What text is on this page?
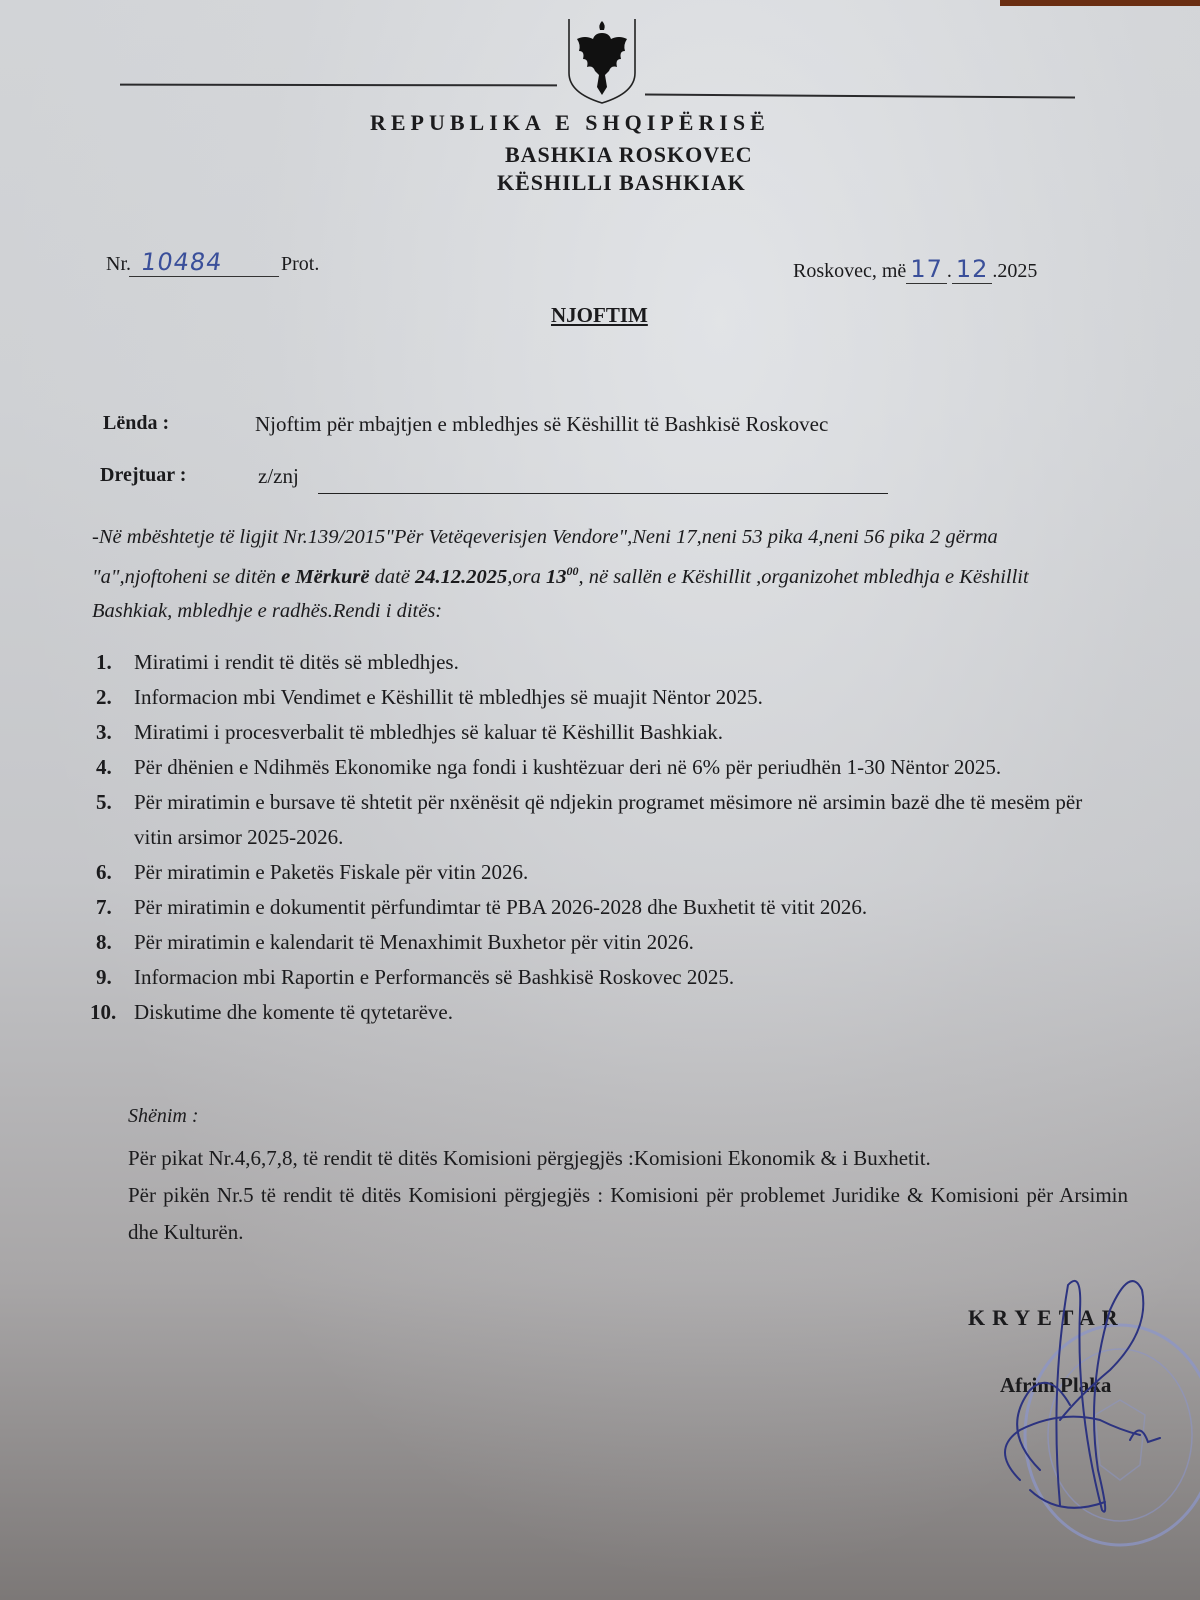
REPUBLIKA E SHQIPËRISË
BASHKIA ROSKOVEC
KËSHILLI BASHKIAK
Nr. 10484	Prot.	Roskovec, më 17 . 12 .2025
NJOFTIM
Lënda :	Njoftim për mbajtjen e mbledhjes së Këshillit të Bashkisë Roskovec
Drejtuar :	z/znj
-Në mbështetje të ligjit Nr.139/2015"Për Vetëqeverisjen Vendore",Neni 17,neni 53 pika 4,neni 56 pika 2 gërma "a",njoftoheni se ditën e Mërkurë datë 24.12.2025,ora $13^{00}$, në sallën e Këshillit ,organizohet mbledhja e Këshillit Bashkiak, mbledhje e radhës.Rendi i ditës:
1.	Miratimi i rendit të ditës së mbledhjes.
2.	Informacion mbi Vendimet e Këshillit të mbledhjes së muajit Nëntor 2025.
3.	Miratimi i procesverbalit të mbledhjes së kaluar të Këshillit Bashkiak.
4.	Për dhënien e Ndihmës Ekonomike nga fondi i kushtëzuar deri në 6% për periudhën 1-30 Nëntor 2025.
5.	Për miratimin e bursave të shtetit për nxënësit që ndjekin programet mësimore në arsimin bazë dhe të mesëm për vitin arsimor 2025-2026.
6.	Për miratimin e Paketës Fiskale për vitin 2026.
7.	Për miratimin e dokumentit përfundimtar të PBA 2026-2028 dhe Buxhetit të vitit 2026.
8.	Për miratimin e kalendarit të Menaxhimit Buxhetor për vitin 2026.
9.	Informacion mbi Raportin e Performancës së Bashkisë Roskovec 2025.
10. Diskutime dhe komente të qytetarëve.
Shënim :

Për pikat Nr.4,6,7,8, të rendit të ditës Komisioni përgjegjës :Komisioni Ekonomik & i Buxhetit.

Për pikën Nr.5 të rendit të ditës Komisioni përgjegjës : Komisioni për problemet Juridike & Komisioni për Arsimin dhe Kulturën.

KRYETAR
Afrim Plaka
